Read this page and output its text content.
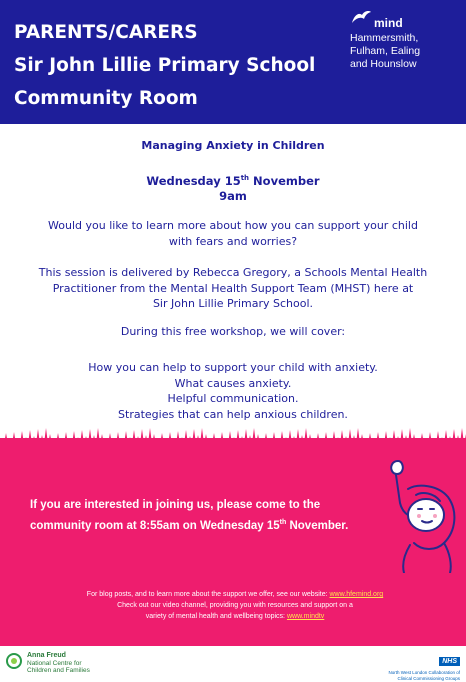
PARENTS/CARERS
Sir John Lillie Primary School
Community Room
mind
Hammersmith,
Fulham, Ealing
and Hounslow
Managing Anxiety in Children
Wednesday 15th November
9am
Would you like to learn more about how you can support your child
with fears and worries?
This session is delivered by Rebecca Gregory, a Schools Mental Health
Practitioner from the Mental Health Support Team (MHST) here at
Sir John Lillie Primary School.
During this free workshop, we will cover:
How you can help to support your child with anxiety.
What causes anxiety.
Helpful communication.
Strategies that can help anxious children.
If you are interested in joining us, please come to the
community room at 8:55am on Wednesday 15th November.
For blog posts, and to learn more about the support we offer, see our website: www.hfemind.org
Check out our video channel, providing you with resources and support on a
variety of mental health and wellbeing topics: www.mindtv
Anna Freud
National Centre for
Children and Families
NHS
North West London Collaboration of
Clinical Commissioning Groups
